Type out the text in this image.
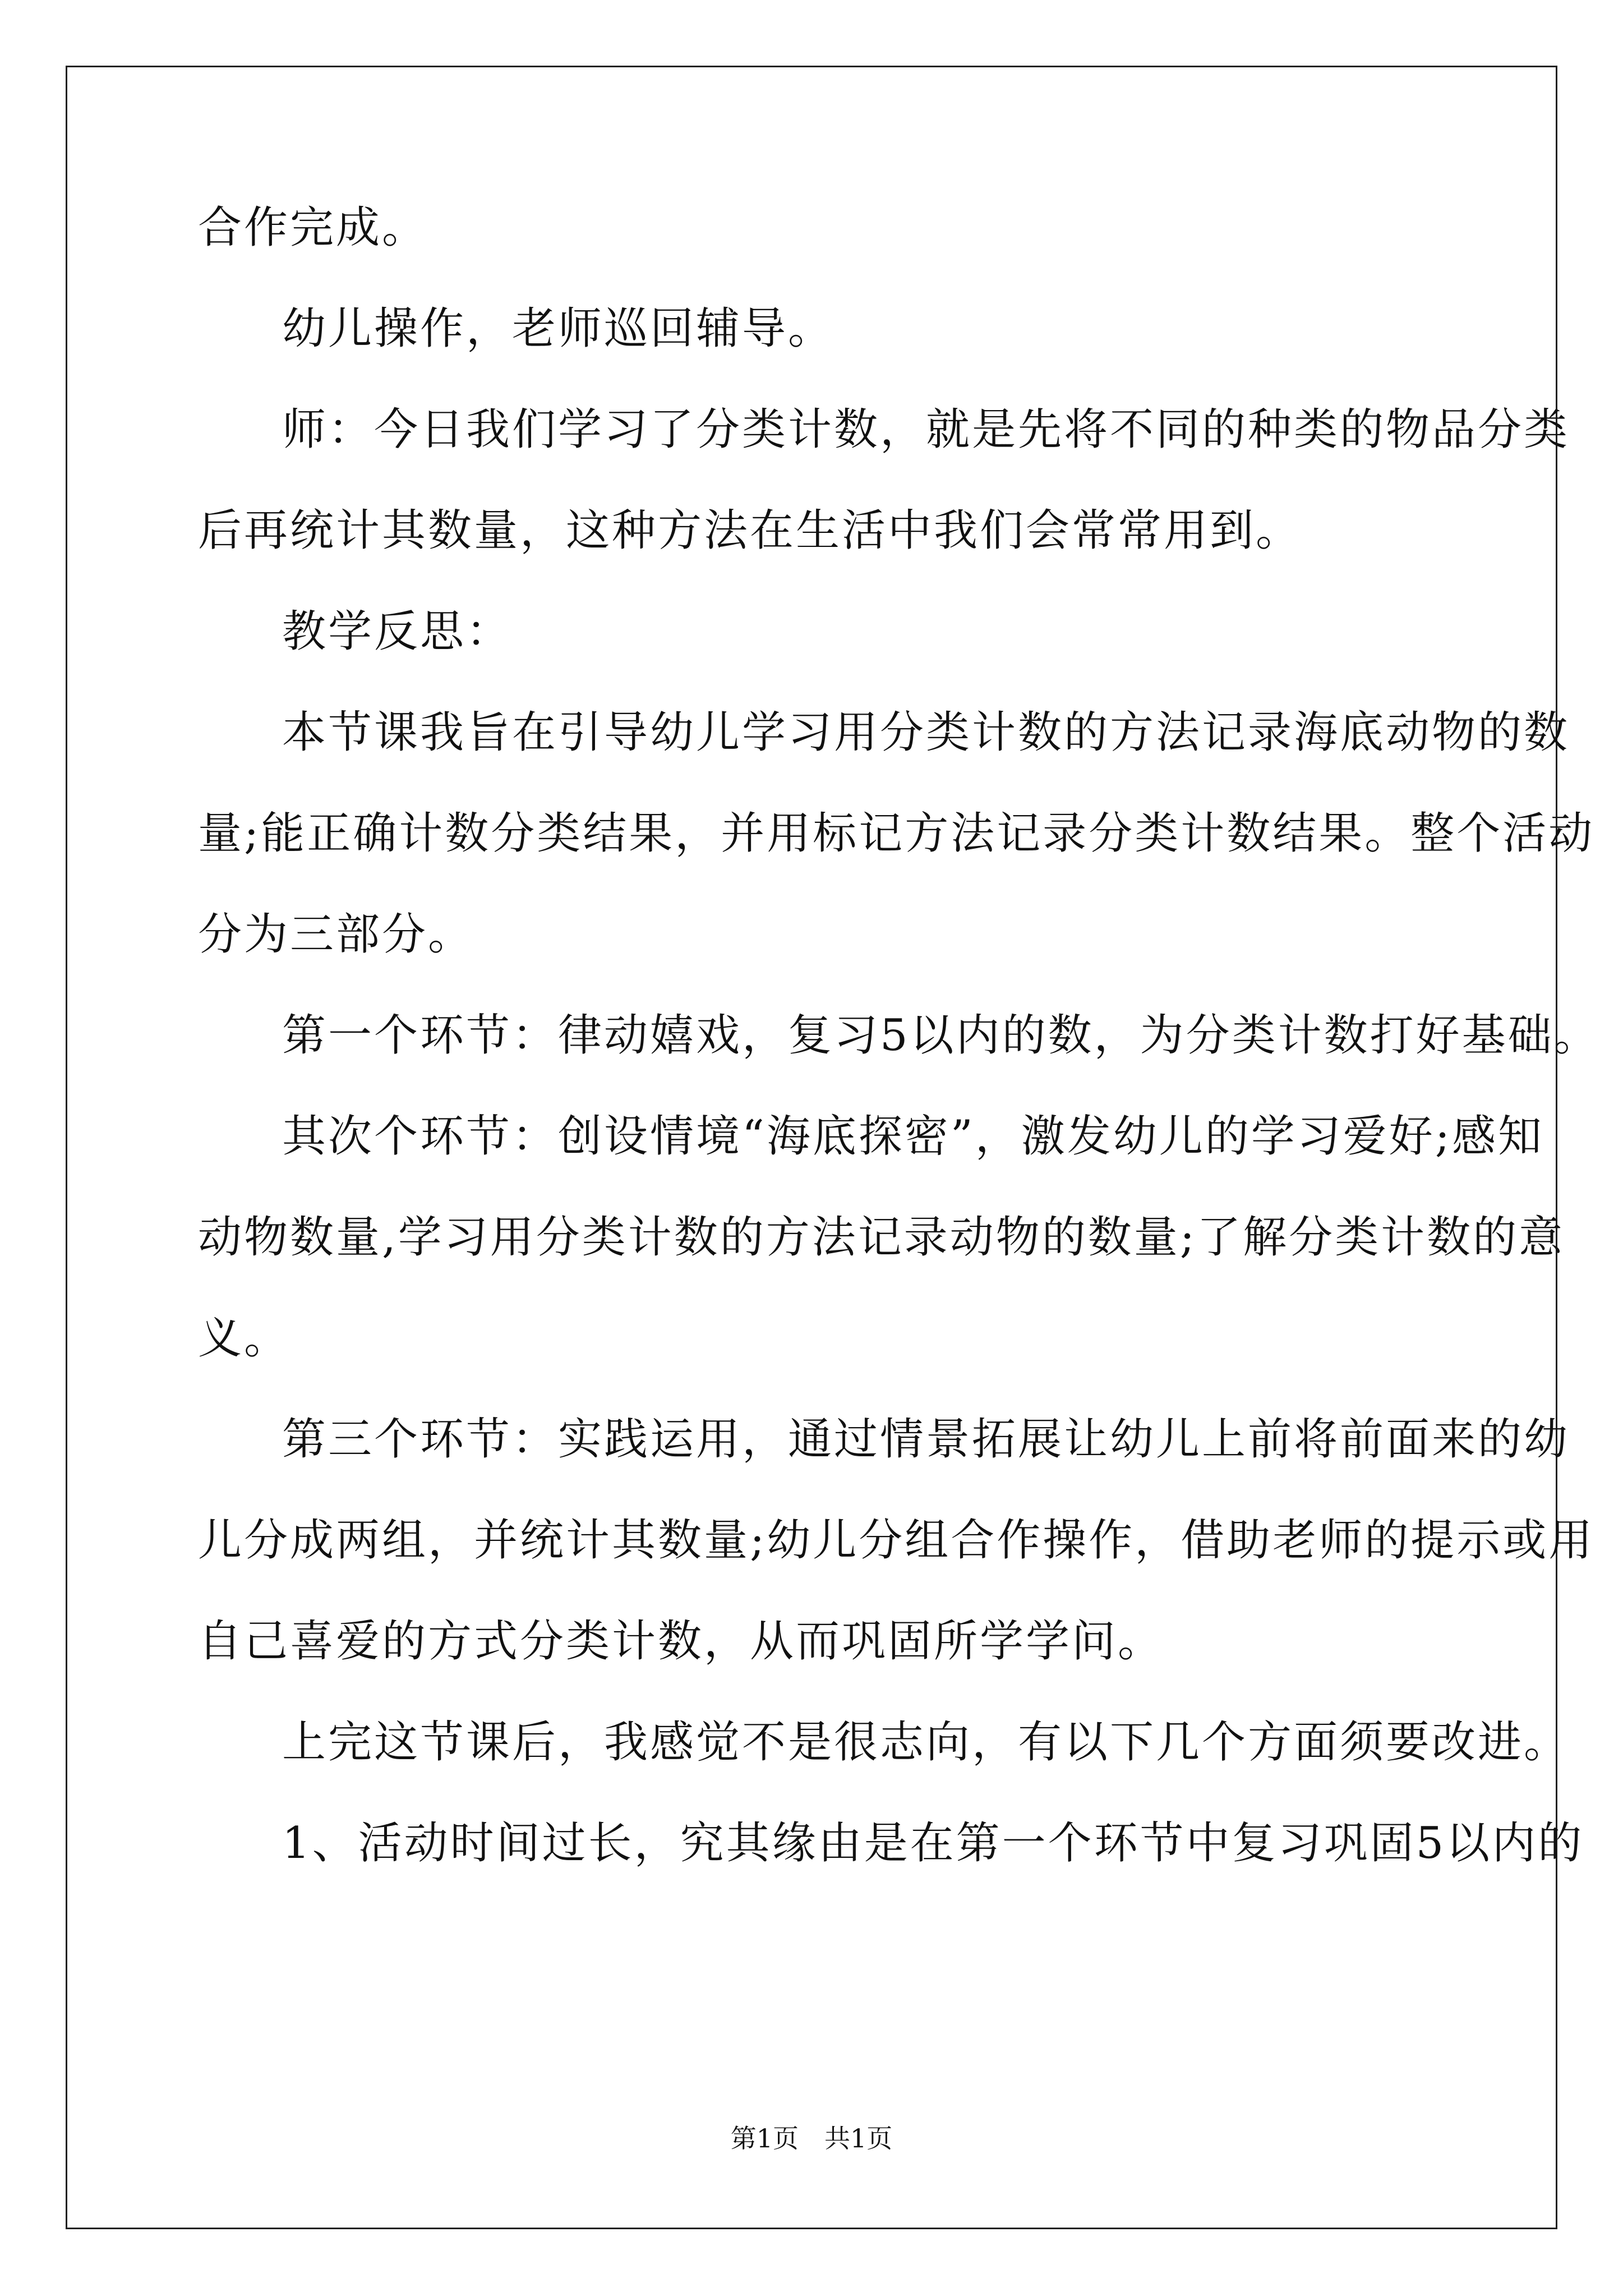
合作完成。
幼儿操作，老师巡回辅导。
师：今日我们学习了分类计数，就是先将不同的种类的物品分类
后再统计其数量，这种方法在生活中我们会常常用到。
教学反思：
本节课我旨在引导幼儿学习用分类计数的方法记录海底动物的数
量;能正确计数分类结果，并用标记方法记录分类计数结果。整个活动
分为三部分。
第一个环节：律动嬉戏，复习5以内的数，为分类计数打好基础。
其次个环节：创设情境“海底探密”，激发幼儿的学习爱好;感知
动物数量,学习用分类计数的方法记录动物的数量;了解分类计数的意
义。
第三个环节：实践运用，通过情景拓展让幼儿上前将前面来的幼
儿分成两组，并统计其数量;幼儿分组合作操作，借助老师的提示或用
自己喜爱的方式分类计数，从而巩固所学学问。
上完这节课后，我感觉不是很志向，有以下几个方面须要改进。
1、活动时间过长，究其缘由是在第一个环节中复习巩固5以内的
第1页　共1页
